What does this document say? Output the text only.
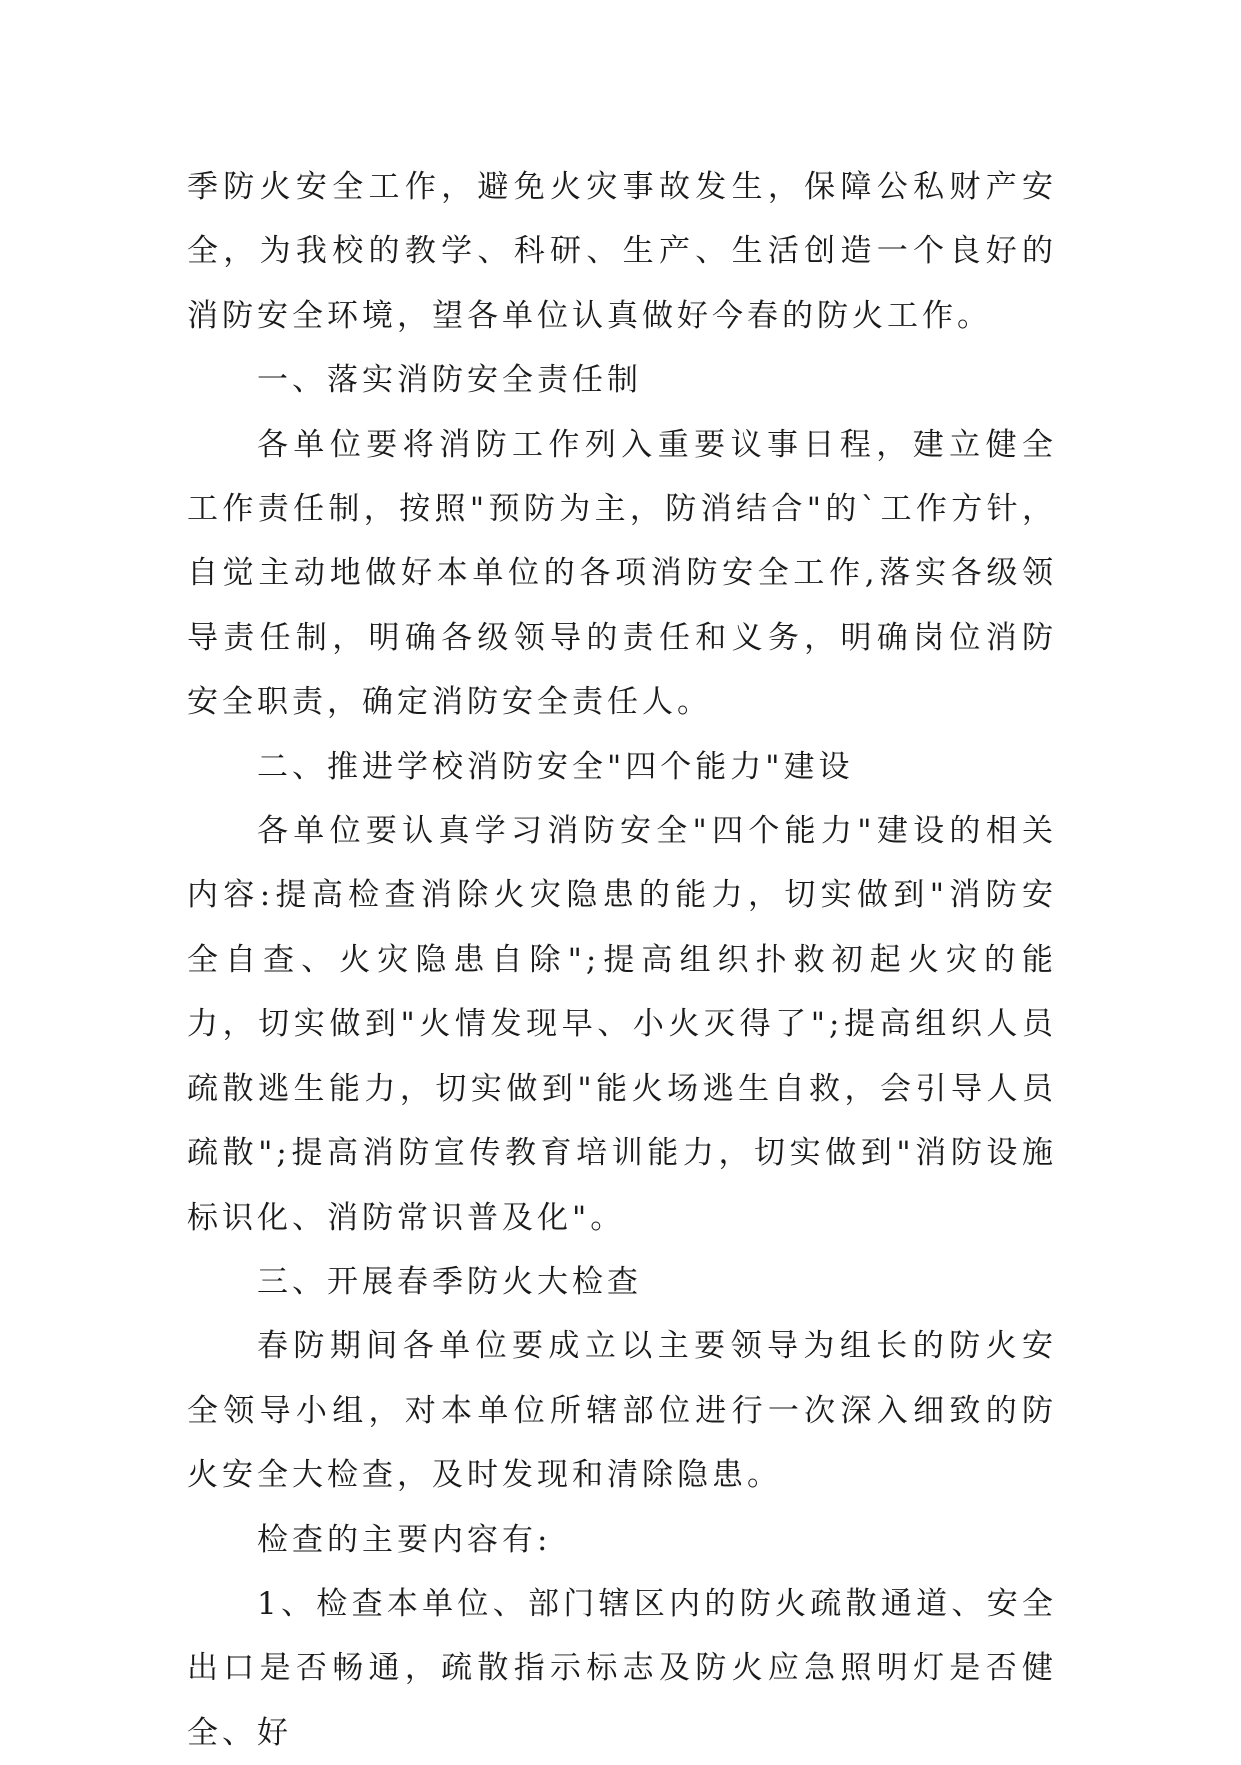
季防火安全工作，避免火灾事故发生，保障公私财产安全，为我校的教学、科研、生产、生活创造一个良好的消防安全环境，望各单位认真做好今春的防火工作。

一、落实消防安全责任制

各单位要将消防工作列入重要议事日程，建立健全工作责任制，按照"预防为主，防消结合"的`工作方针，自觉主动地做好本单位的各项消防安全工作,落实各级领导责任制，明确各级领导的责任和义务，明确岗位消防安全职责，确定消防安全责任人。

二、推进学校消防安全"四个能力"建设

各单位要认真学习消防安全"四个能力"建设的相关内容:提高检查消除火灾隐患的能力，切实做到"消防安全自查、火灾隐患自除";提高组织扑救初起火灾的能力，切实做到"火情发现早、小火灭得了";提高组织人员疏散逃生能力，切实做到"能火场逃生自救，会引导人员疏散";提高消防宣传教育培训能力，切实做到"消防设施标识化、消防常识普及化"。

三、开展春季防火大检查

春防期间各单位要成立以主要领导为组长的防火安全领导小组，对本单位所辖部位进行一次深入细致的防火安全大检查，及时发现和清除隐患。

检查的主要内容有:

1、检查本单位、部门辖区内的防火疏散通道、安全出口是否畅通，疏散指示标志及防火应急照明灯是否健全、好
